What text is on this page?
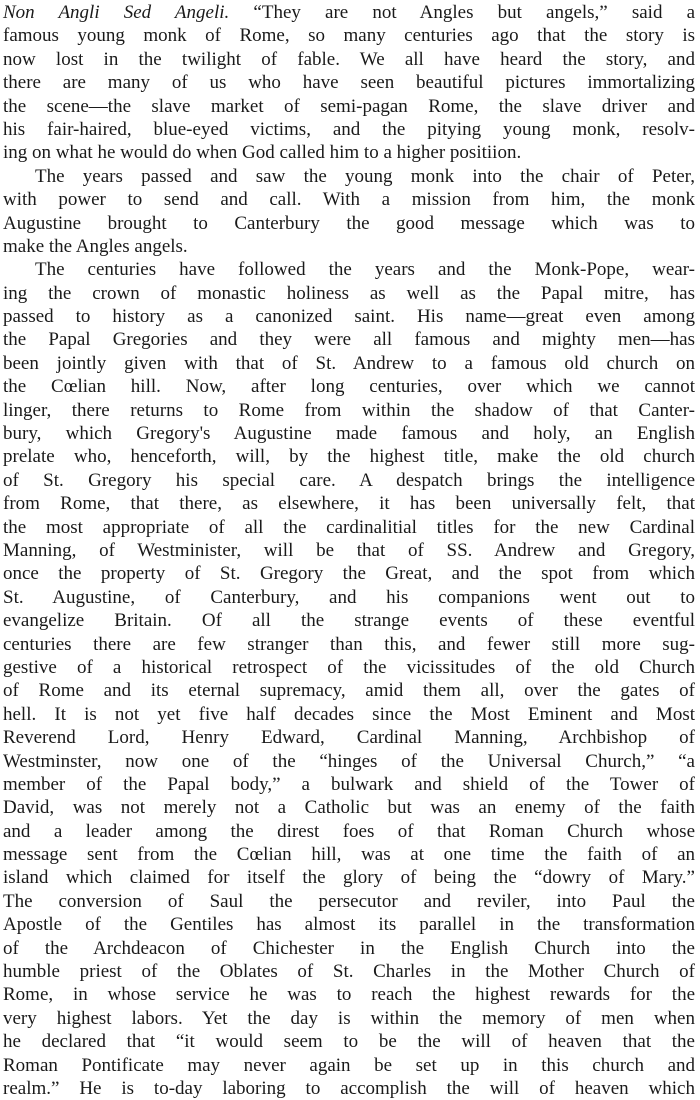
Non Angli Sed Angeli. “They are not Angles but angels,” said a
famous young monk of Rome, so many centuries ago that the story is
now lost in the twilight of fable. We all have heard the story, and
there are many of us who have seen beautiful pictures immortalizing
the scene—the slave market of semi-pagan Rome, the slave driver and
his fair-haired, blue-eyed victims, and the pitying young monk, resolv-
ing on what he would do when God called him to a higher positiion.
The years passed and saw the young monk into the chair of Peter,
with power to send and call. With a mission from him, the monk
Augustine brought to Canterbury the good message which was to
make the Angles angels.
The centuries have followed the years and the Monk-Pope, wear-
ing the crown of monastic holiness as well as the Papal mitre, has
passed to history as a canonized saint. His name—great even among
the Papal Gregories and they were all famous and mighty men—has
been jointly given with that of St. Andrew to a famous old church on
the Cœlian hill. Now, after long centuries, over which we cannot
linger, there returns to Rome from within the shadow of that Canter-
bury, which Gregory's Augustine made famous and holy, an English
prelate who, henceforth, will, by the highest title, make the old church
of St. Gregory his special care. A despatch brings the intelligence
from Rome, that there, as elsewhere, it has been universally felt, that
the most appropriate of all the cardinalitial titles for the new Cardinal
Manning, of Westminister, will be that of SS. Andrew and Gregory,
once the property of St. Gregory the Great, and the spot from which
St. Augustine, of Canterbury, and his companions went out to
evangelize Britain. Of all the strange events of these eventful
centuries there are few stranger than this, and fewer still more sug-
gestive of a historical retrospect of the vicissitudes of the old Church
of Rome and its eternal supremacy, amid them all, over the gates of
hell. It is not yet five half decades since the Most Eminent and Most
Reverend Lord, Henry Edward, Cardinal Manning, Archbishop of
Westminster, now one of the “hinges of the Universal Church,” “a
member of the Papal body,” a bulwark and shield of the Tower of
David, was not merely not a Catholic but was an enemy of the faith
and a leader among the direst foes of that Roman Church whose
message sent from the Cœlian hill, was at one time the faith of an
island which claimed for itself the glory of being the “dowry of Mary.”
The conversion of Saul the persecutor and reviler, into Paul the
Apostle of the Gentiles has almost its parallel in the transformation
of the Archdeacon of Chichester in the English Church into the
humble priest of the Oblates of St. Charles in the Mother Church of
Rome, in whose service he was to reach the highest rewards for the
very highest labors. Yet the day is within the memory of men when
he declared that “it would seem to be the will of heaven that the
Roman Pontificate may never again be set up in this church and
realm.” He is to-day laboring to accomplish the will of heaven which
